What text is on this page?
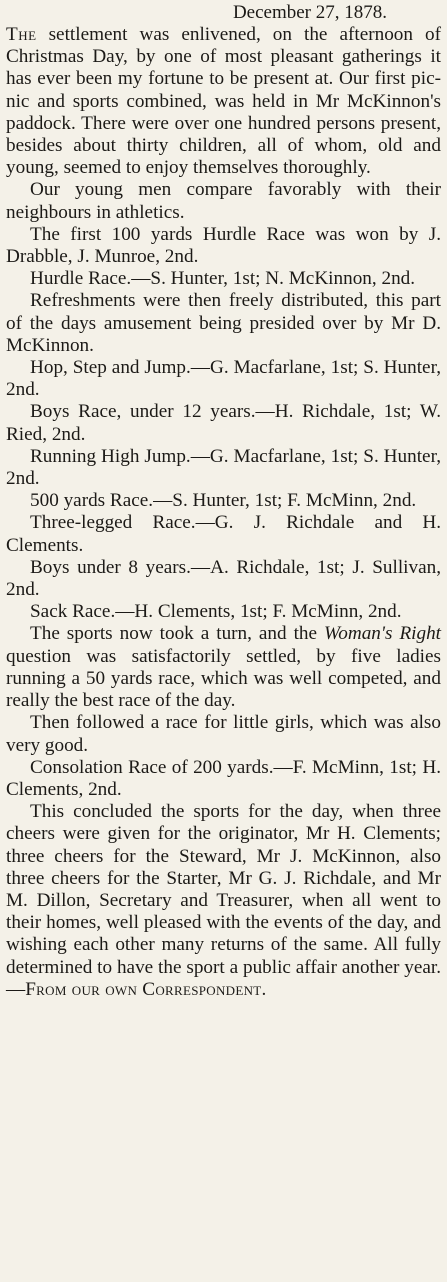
December 27, 1878.

The settlement was enlivened, on the afternoon of Christmas Day, by one of most pleasant gatherings it has ever been my fortune to be present at. Our first pic-nic and sports combined, was held in Mr McKinnon's paddock. There were over one hundred persons present, besides about thirty children, all of whom, old and young, seemed to enjoy themselves thoroughly.

Our young men compare favorably with their neighbours in athletics.

The first 100 yards Hurdle Race was won by J. Drabble, J. Munroe, 2nd.

Hurdle Race.—S. Hunter, 1st; N. McKinnon, 2nd.

Refreshments were then freely distributed, this part of the days amusement being presided over by Mr D. McKinnon.

Hop, Step and Jump.—G. Macfarlane, 1st; S. Hunter, 2nd.

Boys Race, under 12 years.—H. Richdale, 1st; W. Ried, 2nd.

Running High Jump.—G. Macfarlane, 1st; S. Hunter, 2nd.

500 yards Race.—S. Hunter, 1st; F. McMinn, 2nd.

Three-legged Race.—G. J. Richdale and H. Clements.

Boys under 8 years.—A. Richdale, 1st; J. Sullivan, 2nd.

Sack Race.—H. Clements, 1st; F. McMinn, 2nd.

The sports now took a turn, and the Woman's Right question was satisfactorily settled, by five ladies running a 50 yards race, which was well competed, and really the best race of the day.

Then followed a race for little girls, which was also very good.

Consolation Race of 200 yards.—F. McMinn, 1st; H. Clements, 2nd.

This concluded the sports for the day, when three cheers were given for the originator, Mr H. Clements; three cheers for the Steward, Mr J. McKinnon, also three cheers for the Starter, Mr G. J. Richdale, and Mr M. Dillon, Secretary and Treasurer, when all went to their homes, well pleased with the events of the day, and wishing each other many returns of the same. All fully determined to have the sport a public affair another year. —From our own Correspondent.
